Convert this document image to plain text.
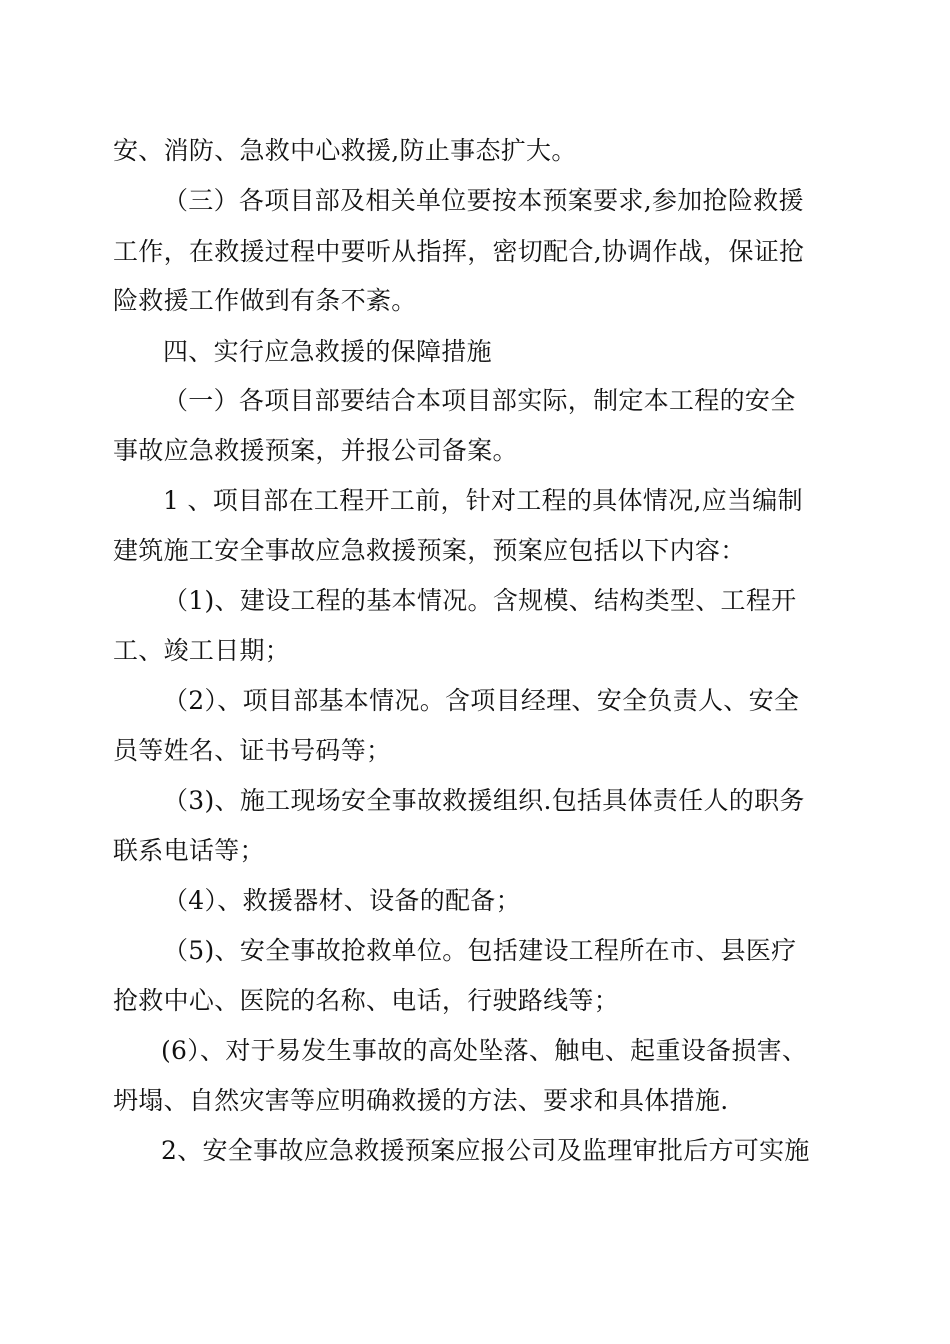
安、消防、急救中心救援,防止事态扩大。
（三）各项目部及相关单位要按本预案要求,参加抢险救援
工作，在救援过程中要听从指挥，密切配合,协调作战，保证抢
险救援工作做到有条不紊。
四、实行应急救援的保障措施
（一）各项目部要结合本项目部实际，制定本工程的安全
事故应急救援预案，并报公司备案。
1 、项目部在工程开工前，针对工程的具体情况,应当编制
建筑施工安全事故应急救援预案，预案应包括以下内容：
（1)、建设工程的基本情况。含规模、结构类型、工程开
工、竣工日期；
（2）、项目部基本情况。含项目经理、安全负责人、安全
员等姓名、证书号码等；
（3)、施工现场安全事故救援组织.包括具体责任人的职务
联系电话等；
（4）、救援器材、设备的配备；
（5)、安全事故抢救单位。包括建设工程所在市、县医疗
抢救中心、医院的名称、电话，行驶路线等；
(6）、对于易发生事故的高处坠落、触电、起重设备损害、
坍塌、自然灾害等应明确救援的方法、要求和具体措施.
2、安全事故应急救援预案应报公司及监理审批后方可实施
